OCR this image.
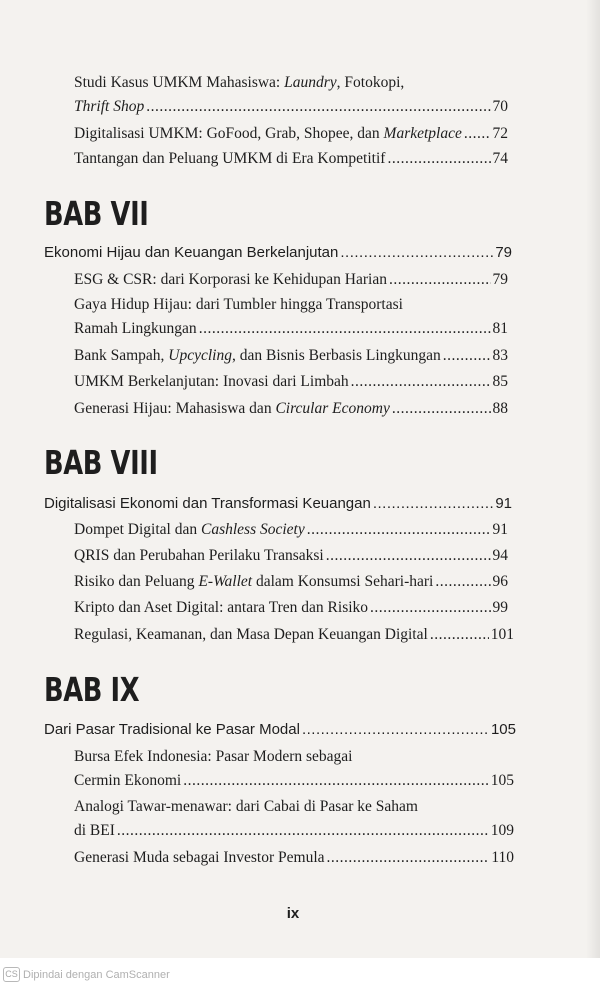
Studi Kasus UMKM Mahasiswa: Laundry, Fotokopi,
Thrift Shop .....	70
Digitalisasi UMKM: GoFood, Grab, Shopee, dan Marketplace ..... 72
Tantangan dan Peluang UMKM di Era Kompetitif .....	74
BAB VII
Ekonomi Hijau dan Keuangan Berkelanjutan .....	79
ESG & CSR: dari Korporasi ke Kehidupan Harian .....	79
Gaya Hidup Hijau: dari Tumbler hingga Transportasi
Ramah Lingkungan .....	81
Bank Sampah, Upcycling, dan Bisnis Berbasis Lingkungan .....	83
UMKM Berkelanjutan: Inovasi dari Limbah .....	85
Generasi Hijau: Mahasiswa dan Circular Economy .....	88
BAB VIII
Digitalisasi Ekonomi dan Transformasi Keuangan .....	91
Dompet Digital dan Cashless Society .....	91
QRIS dan Perubahan Perilaku Transaksi .....	94
Risiko dan Peluang E-Wallet dalam Konsumsi Sehari-hari .....	96
Kripto dan Aset Digital: antara Tren dan Risiko .....	99
Regulasi, Keamanan, dan Masa Depan Keuangan Digital .....	101
BAB IX
Dari Pasar Tradisional ke Pasar Modal .....	105
Bursa Efek Indonesia: Pasar Modern sebagai
Cermin Ekonomi .....	105
Analogi Tawar-menawar: dari Cabai di Pasar ke Saham
di BEI .....	109
Generasi Muda sebagai Investor Pemula .....	110
ix
CS Dipindai dengan CamScanner
